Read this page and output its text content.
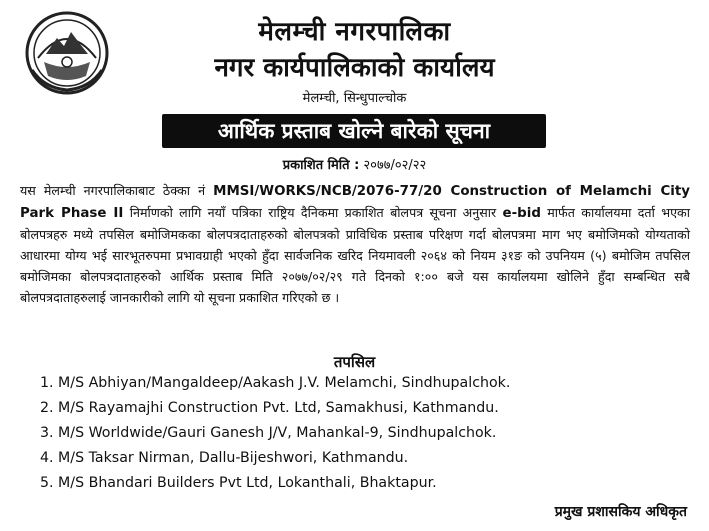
मेलम्ची नगरपालिका
नगर कार्यपालिकाको कार्यालय
मेलम्ची, सिन्धुपाल्चोक
आर्थिक प्रस्ताब खोल्ने बारेको सूचना
प्रकाशित मिति : २०७७/०२/२२
यस मेलम्ची नगरपालिकाबाट ठेक्का नं MMSI/WORKS/NCB/2076-77/20 Construction of Melamchi City Park Phase II निर्माणको लागि नयाँ पत्रिका राष्ट्रिय दैनिकमा प्रकाशित बोलपत्र सूचना अनुसार e-bid मार्फत कार्यालयमा दर्ता भएका बोलपत्रहरु मध्ये तपसिल बमोजिमकका बोलपत्रदाताहरुको बोलपत्रको प्राविधिक प्रस्ताब परिक्षण गर्दा बोलपत्रमा माग भए बमोजिमको योग्यताको आधारमा योग्य भई सारभूतरुपमा प्रभावग्राही भएको हुँदा सार्वजनिक खरिद नियमावली २०६४ को नियम ३१ङ को उपनियम (५) बमोजिम तपसिल बमोजिमका बोलपत्रदाताहरुको आर्थिक प्रस्ताब मिति २०७७/०२/२९ गते दिनको १:०० बजे यस कार्यालयमा खोलिने हुँदा सम्बन्धित सबै बोलपत्रदाताहरुलाई जानकारीको लागि यो सूचना प्रकाशित गरिएको छ ।
तपसिल
1. M/S Abhiyan/Mangaldeep/Aakash J.V. Melamchi, Sindhupalchok.
2. M/S Rayamajhi Construction Pvt. Ltd, Samakhusi, Kathmandu.
3. M/S Worldwide/Gauri Ganesh J/V, Mahankal-9, Sindhupalchok.
4. M/S Taksar Nirman, Dallu-Bijeshwori, Kathmandu.
5. M/S Bhandari Builders Pvt Ltd, Lokanthali, Bhaktapur.
प्रमुख प्रशासकिय अधिकृत
